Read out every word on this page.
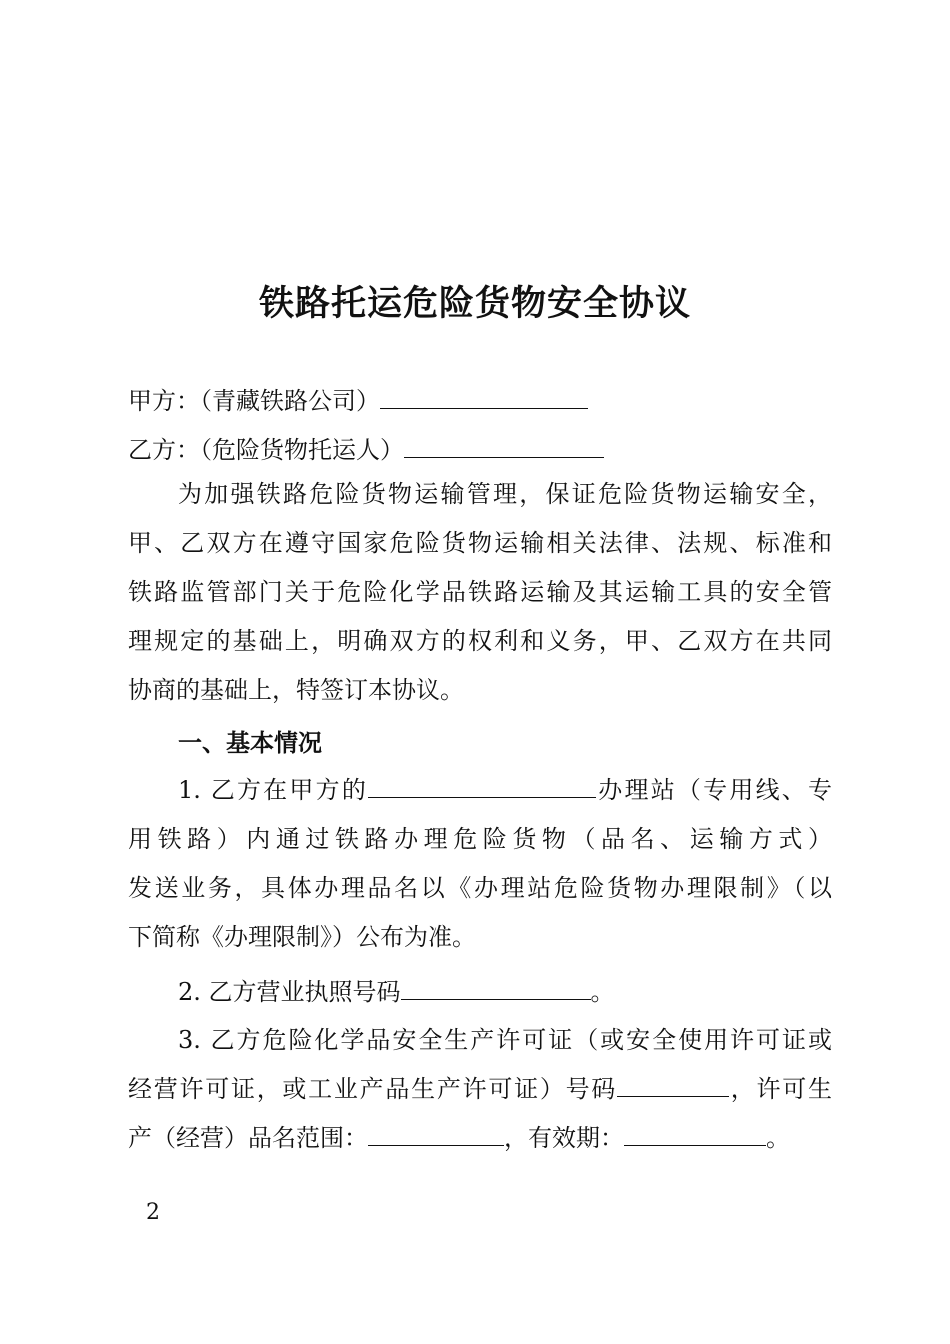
铁路托运危险货物安全协议
甲方：（青藏铁路公司）
乙方：（危险货物托运人）
为加强铁路危险货物运输管理，保证危险货物运输安全，
甲、乙双方在遵守国家危险货物运输相关法律、法规、标准和
铁路监管部门关于危险化学品铁路运输及其运输工具的安全管
理规定的基础上，明确双方的权利和义务，甲、乙双方在共同
协商的基础上，特签订本协议。
一、基本情况
1. 乙方在甲方的	办理站（专用线、专
用铁路）内通过铁路办理危险货物（品名、运输方式）
发送业务，具体办理品名以《办理站危险货物办理限制》（以
下简称《办理限制》）公布为准。
2. 乙方营业执照号码	。
3. 乙方危险化学品安全生产许可证（或安全使用许可证或
经营许可证，或工业产品生产许可证）号码	，许可生
产（经营）品名范围：	，有效期：	。
2
